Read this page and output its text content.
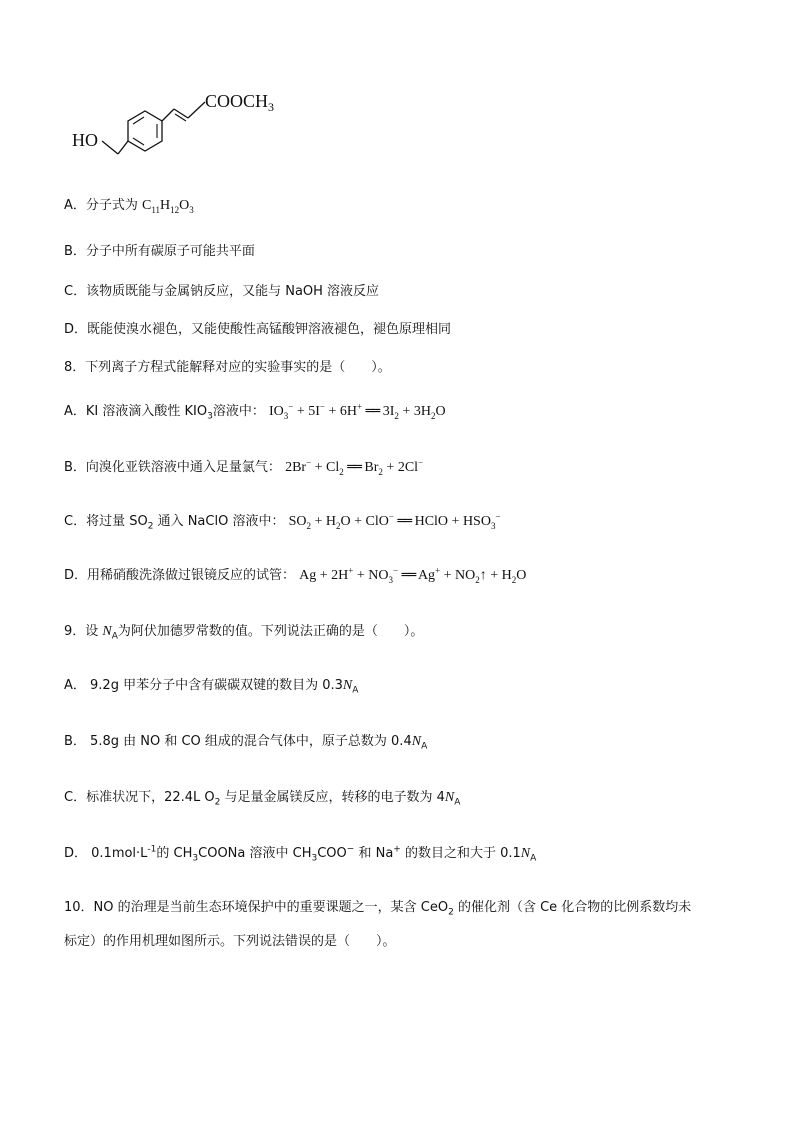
HO
$COOCH_3$
A．分子式为 $C_{11}H_{12}O_3$
B．分子中所有碳原子可能共平面
C．该物质既能与金属钠反应，又能与 NaOH 溶液反应
D．既能使溴水褪色，又能使酸性高锰酸钾溶液褪色，褪色原理相同
8．下列离子方程式能解释对应的实验事实的是（　　）。
A．KI 溶液滴入酸性 $KIO_3$溶液中： $IO_3^- + 5I^- + 6H^+$ ══ $3I_2 + 3H_2O$
B．向溴化亚铁溶液中通入足量氯气： $2Br^- + Cl_2$ ══ $Br_2 + 2Cl^-$
C．将过量 $SO_2$ 通入 NaClO 溶液中： $SO_2 + H_2O + ClO^-$ ══ HClO + $HSO_3^-$
D．用稀硝酸洗涤做过银镜反应的试管： $Ag + 2H^+ + NO_3^-$ ══ $Ag^+ + NO_2↑ + H_2O$
9．设 $N_A$为阿伏加德罗常数的值。下列说法正确的是（　　）。
A． 9.2g 甲苯分子中含有碳碳双键的数目为 $0.3N_A$
B． 5.8g 由 NO 和 CO 组成的混合气体中，原子总数为 $0.4N_A$
C．标准状况下，22.4L $O_2$ 与足量金属镁反应，转移的电子数为 $4N_A$
D． $0.1mol\cdot L^{-1}$的 $CH_3COONa$ 溶液中 $CH_3COO^-$ 和 Na+ 的数目之和大于 $0.1N_A$
10．NO 的治理是当前生态环境保护中的重要课题之一，某含 CeO$_2$ 的催化剂（含 Ce 化合物的比例系数均未
标定）的作用机理如图所示。下列说法错误的是（　　）。
